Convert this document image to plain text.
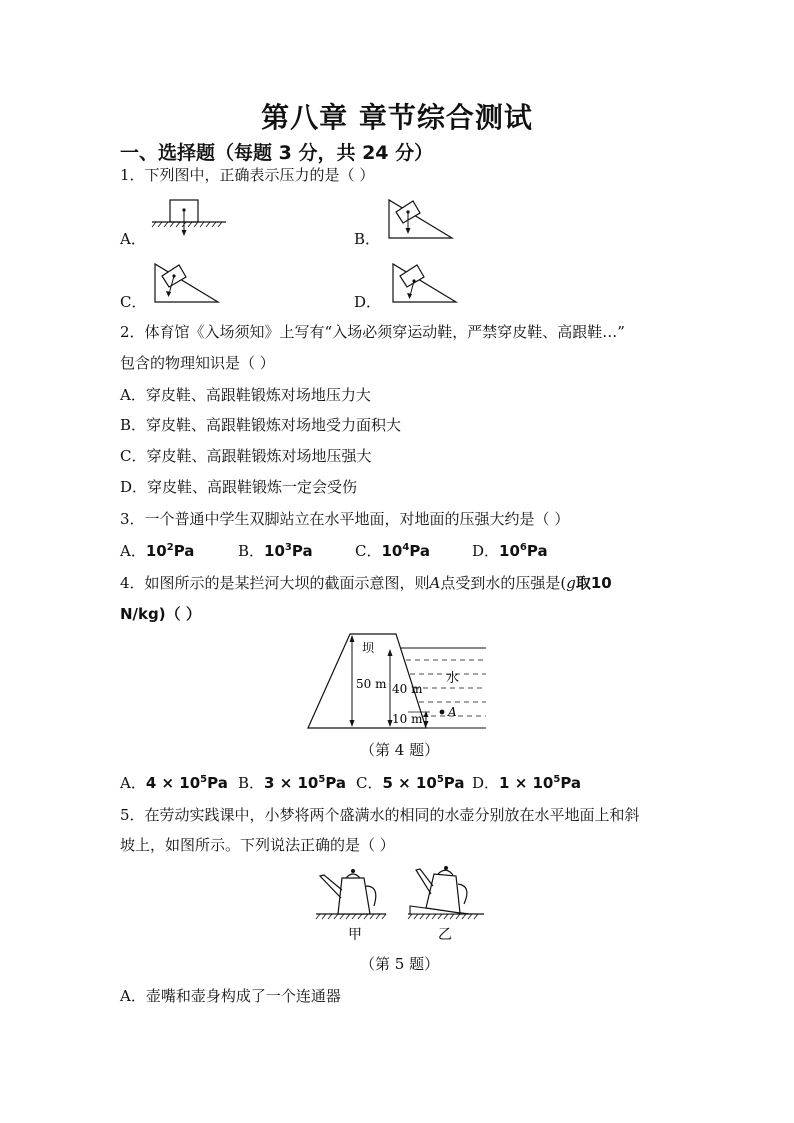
第八章 章节综合测试
一、选择题（每题 3 分，共 24 分）
1．下列图中，正确表示压力的是（ ）
A．	B．
C．	D．
2．体育馆《入场须知》上写有“入场必须穿运动鞋，严禁穿皮鞋、高跟鞋…”
包含的物理知识是（ ）
A．穿皮鞋、高跟鞋锻炼对场地压力大
B．穿皮鞋、高跟鞋锻炼对场地受力面积大
C．穿皮鞋、高跟鞋锻炼对场地压强大
D．穿皮鞋、高跟鞋锻炼一定会受伤
3．一个普通中学生双脚站立在水平地面，对地面的压强大约是（ ）
A．$10^2Pa$	B．$10^3Pa$	C．$10^4Pa$	D．$10^6Pa$
4．如图所示的是某拦河大坝的截面示意图，则A点受到水的压强是(g取10
N/kg)（ ）
坝
水
50 m 40 m
10 m A
（第 4 题）
A．$4 \times 10^5Pa$ B．$3 \times 10^5Pa$ C．$5 \times 10^5Pa$ D．$1 \times 10^5Pa$
5．在劳动实践课中，小梦将两个盛满水的相同的水壶分别放在水平地面上和斜
坡上，如图所示。下列说法正确的是（ ）
甲	乙
（第 5 题）
A．壶嘴和壶身构成了一个连通器
